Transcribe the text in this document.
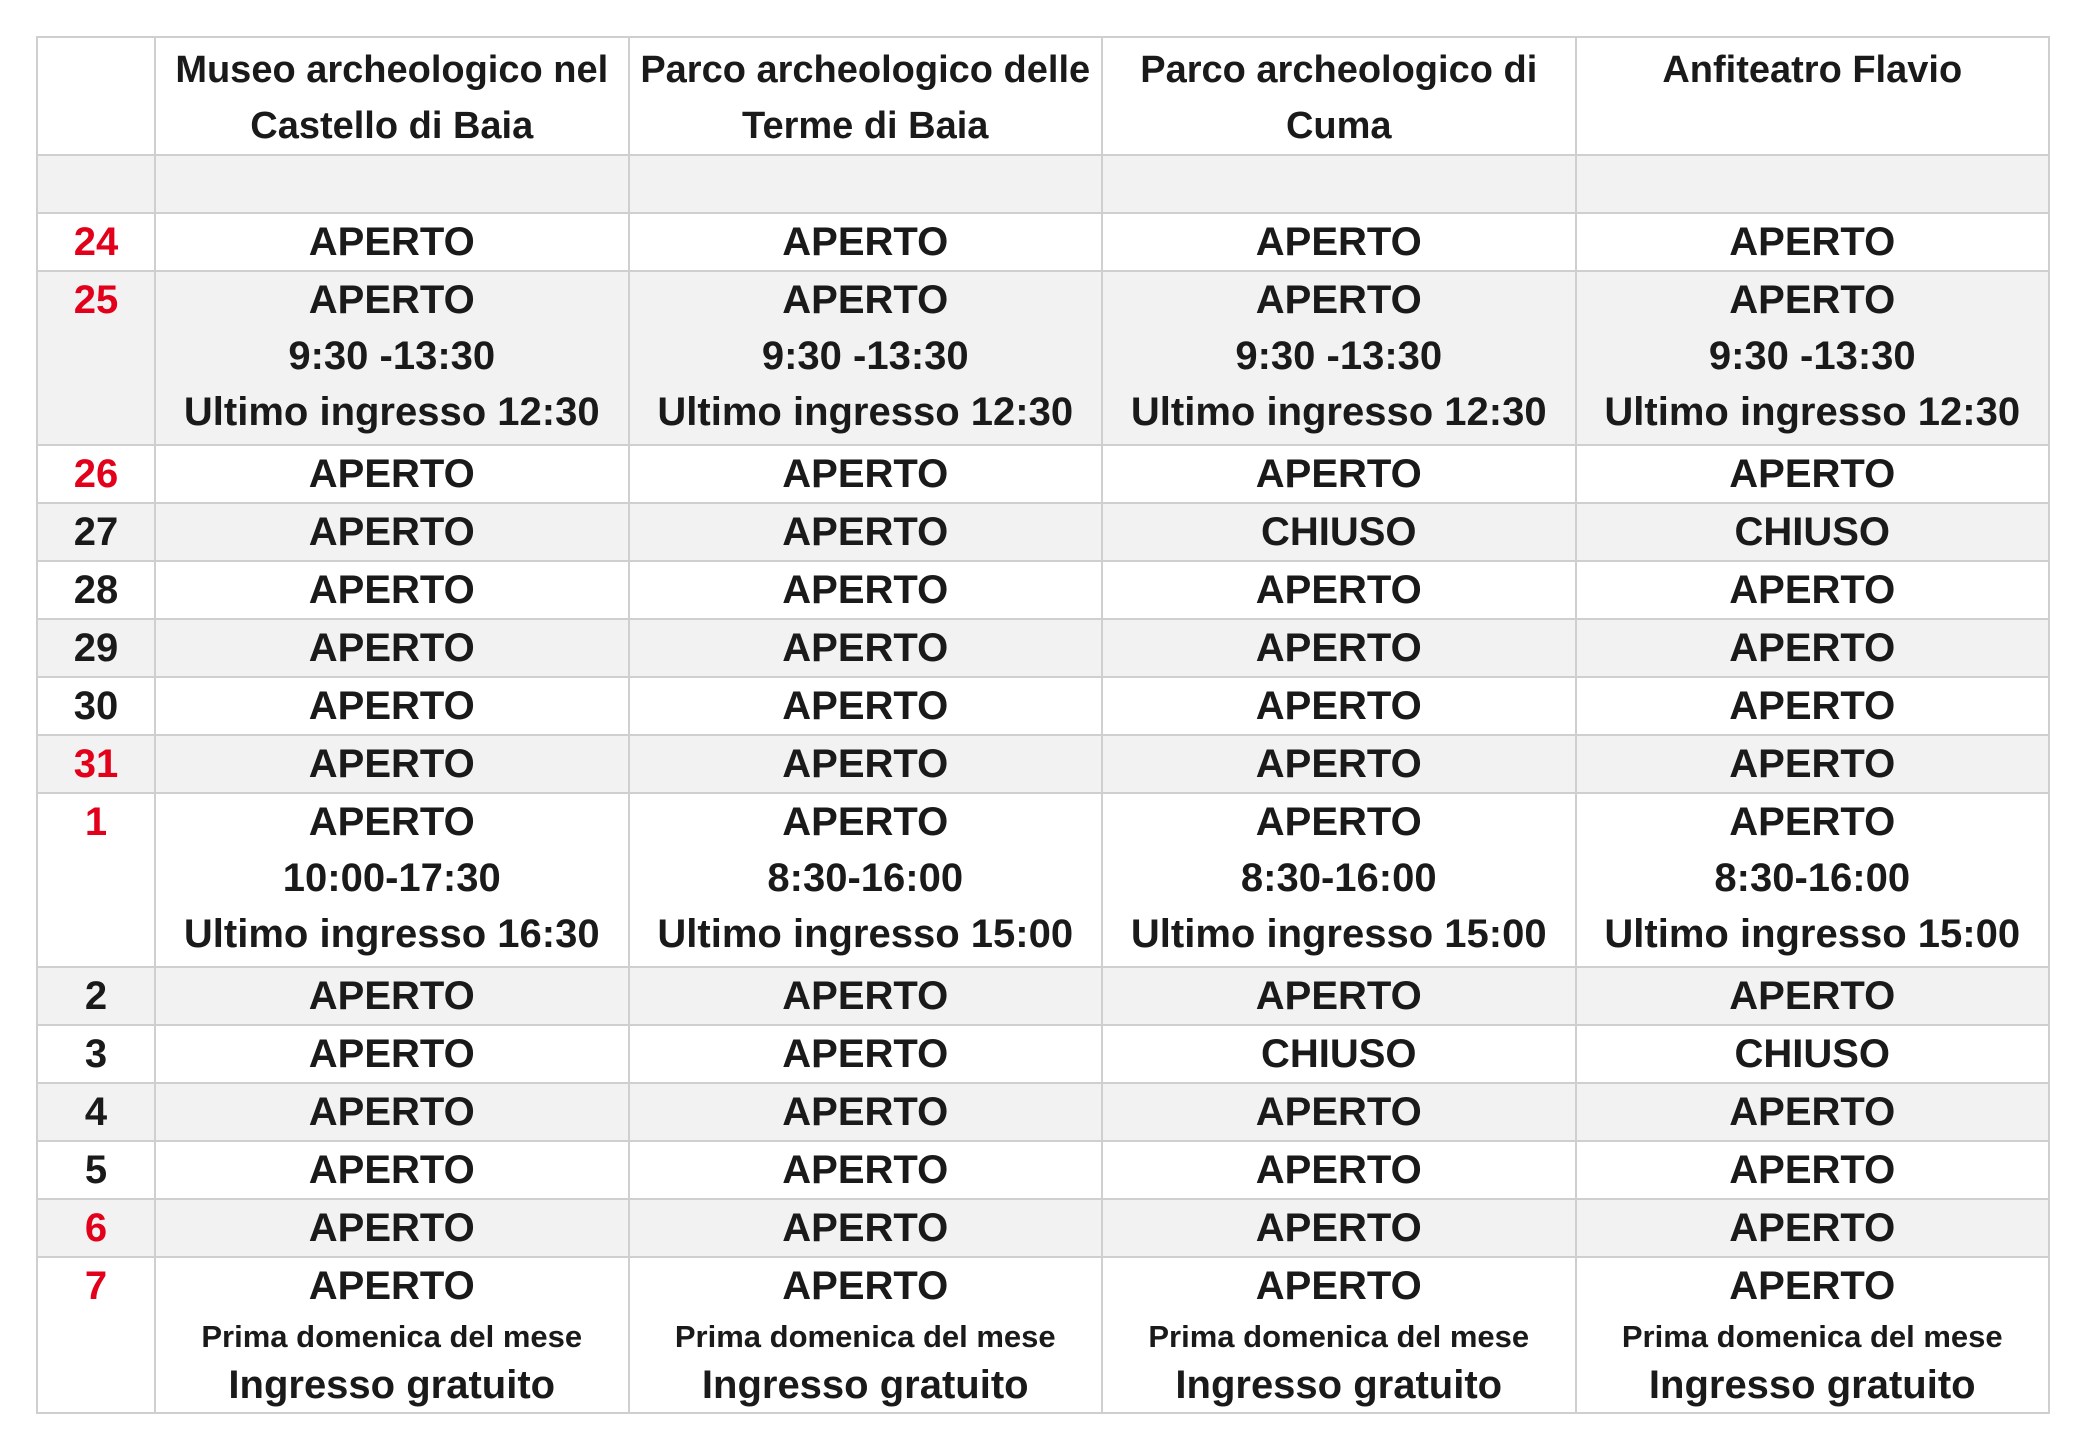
	Museo archeologico nel Castello di Baia	Parco archeologico delle Terme di Baia	Parco archeologico di Cuma	Anfiteatro Flavio

24	APERTO	APERTO	APERTO	APERTO

25	APERTO
9:30 -13:30
Ultimo ingresso 12:30	APERTO
9:30 -13:30
Ultimo ingresso 12:30	APERTO
9:30 -13:30
Ultimo ingresso 12:30	APERTO
9:30 -13:30
Ultimo ingresso 12:30

26	APERTO	APERTO	APERTO	APERTO

27	APERTO	APERTO	CHIUSO	CHIUSO

28	APERTO	APERTO	APERTO	APERTO

29	APERTO	APERTO	APERTO	APERTO

30	APERTO	APERTO	APERTO	APERTO

31	APERTO	APERTO	APERTO	APERTO

1	APERTO
10:00-17:30
Ultimo ingresso 16:30	APERTO
8:30-16:00
Ultimo ingresso 15:00	APERTO
8:30-16:00
Ultimo ingresso 15:00	APERTO
8:30-16:00
Ultimo ingresso 15:00

2	APERTO	APERTO	APERTO	APERTO

3	APERTO	APERTO	CHIUSO	CHIUSO

4	APERTO	APERTO	APERTO	APERTO

5	APERTO	APERTO	APERTO	APERTO

6	APERTO	APERTO	APERTO	APERTO

7	APERTO
Prima domenica del mese
Ingresso gratuito	APERTO
Prima domenica del mese
Ingresso gratuito	APERTO
Prima domenica del mese
Ingresso gratuito	APERTO
Prima domenica del mese
Ingresso gratuito
